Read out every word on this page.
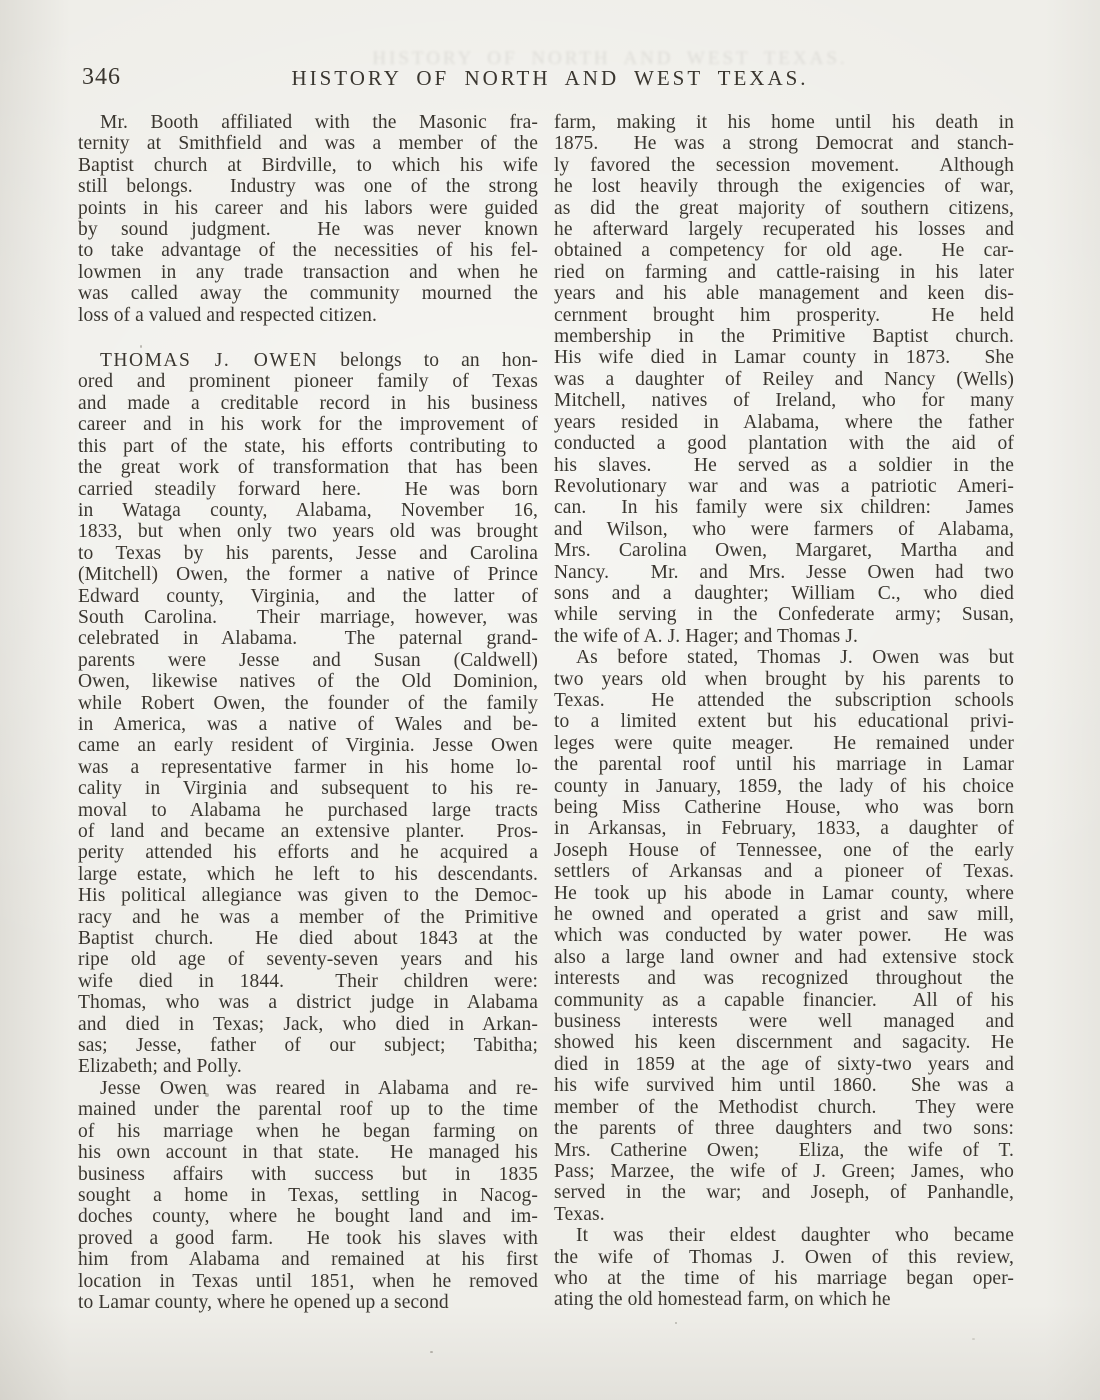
HISTORY OF NORTH AND WEST TEXAS.
346	HISTORY OF NORTH AND WEST TEXAS.
Mr. Booth affiliated with the Masonic fra-
ternity at Smithfield and was a member of the
Baptist church at Birdville, to which his wife
still belongs.  Industry was one of the strong
points in his career and his labors were guided
by sound judgment.  He was never known
to take advantage of the necessities of his fel-
lowmen in any trade transaction and when he
was called away the community mourned the
loss of a valued and respected citizen.
THOMAS J. OWEN belongs to an hon-
ored and prominent pioneer family of Texas
and made a creditable record in his business
career and in his work for the improvement of
this part of the state, his efforts contributing to
the great work of transformation that has been
carried steadily forward here.  He was born
in Wataga county, Alabama, November 16,
1833, but when only two years old was brought
to Texas by his parents, Jesse and Carolina
(Mitchell) Owen, the former a native of Prince
Edward county, Virginia, and the latter of
South Carolina.  Their marriage, however, was
celebrated in Alabama.  The paternal grand-
parents were Jesse and Susan (Caldwell)
Owen, likewise natives of the Old Dominion,
while Robert Owen, the founder of the family
in America, was a native of Wales and be-
came an early resident of Virginia. Jesse Owen
was a representative farmer in his home lo-
cality in Virginia and subsequent to his re-
moval to Alabama he purchased large tracts
of land and became an extensive planter.  Pros-
perity attended his efforts and he acquired a
large estate, which he left to his descendants.
His political allegiance was given to the Democ-
racy and he was a member of the Primitive
Baptist church.  He died about 1843 at the
ripe old age of seventy-seven years and his
wife died in 1844.  Their children were:
Thomas, who was a district judge in Alabama
and died in Texas; Jack, who died in Arkan-
sas; Jesse, father of our subject; Tabitha;
Elizabeth; and Polly.
Jesse Owen was reared in Alabama and re-
mained under the parental roof up to the time
of his marriage when he began farming on
his own account in that state.  He managed his
business affairs with success but in 1835
sought a home in Texas, settling in Nacog-
doches county, where he bought land and im-
proved a good farm.  He took his slaves with
him from Alabama and remained at his first
location in Texas until 1851, when he removed
to Lamar county, where he opened up a second
farm, making it his home until his death in
1875.  He was a strong Democrat and stanch-
ly favored the secession movement.  Although
he lost heavily through the exigencies of war,
as did the great majority of southern citizens,
he afterward largely recuperated his losses and
obtained a competency for old age.  He car-
ried on farming and cattle-raising in his later
years and his able management and keen dis-
cernment brought him prosperity.  He held
membership in the Primitive Baptist church.
His wife died in Lamar county in 1873.  She
was a daughter of Reiley and Nancy (Wells)
Mitchell, natives of Ireland, who for many
years resided in Alabama, where the father
conducted a good plantation with the aid of
his slaves.  He served as a soldier in the
Revolutionary war and was a patriotic Ameri-
can.  In his family were six children:  James
and Wilson, who were farmers of Alabama,
Mrs. Carolina Owen, Margaret, Martha and
Nancy.  Mr. and Mrs. Jesse Owen had two
sons and a daughter; William C., who died
while serving in the Confederate army; Susan,
the wife of A. J. Hager; and Thomas J.
As before stated, Thomas J. Owen was but
two years old when brought by his parents to
Texas.  He attended the subscription schools
to a limited extent but his educational privi-
leges were quite meager.  He remained under
the parental roof until his marriage in Lamar
county in January, 1859, the lady of his choice
being Miss Catherine House, who was born
in Arkansas, in February, 1833, a daughter of
Joseph House of Tennessee, one of the early
settlers of Arkansas and a pioneer of Texas.
He took up his abode in Lamar county, where
he owned and operated a grist and saw mill,
which was conducted by water power.  He was
also a large land owner and had extensive stock
interests and was recognized throughout the
community as a capable financier.  All of his
business interests were well managed and
showed his keen discernment and sagacity. He
died in 1859 at the age of sixty-two years and
his wife survived him until 1860.  She was a
member of the Methodist church.  They were
the parents of three daughters and two sons:
Mrs. Catherine Owen;  Eliza, the wife of T.
Pass; Marzee, the wife of J. Green; James, who
served in the war; and Joseph, of Panhandle,
Texas.
It was their eldest daughter who became
the wife of Thomas J. Owen of this review,
who at the time of his marriage began oper-
ating the old homestead farm, on which he
